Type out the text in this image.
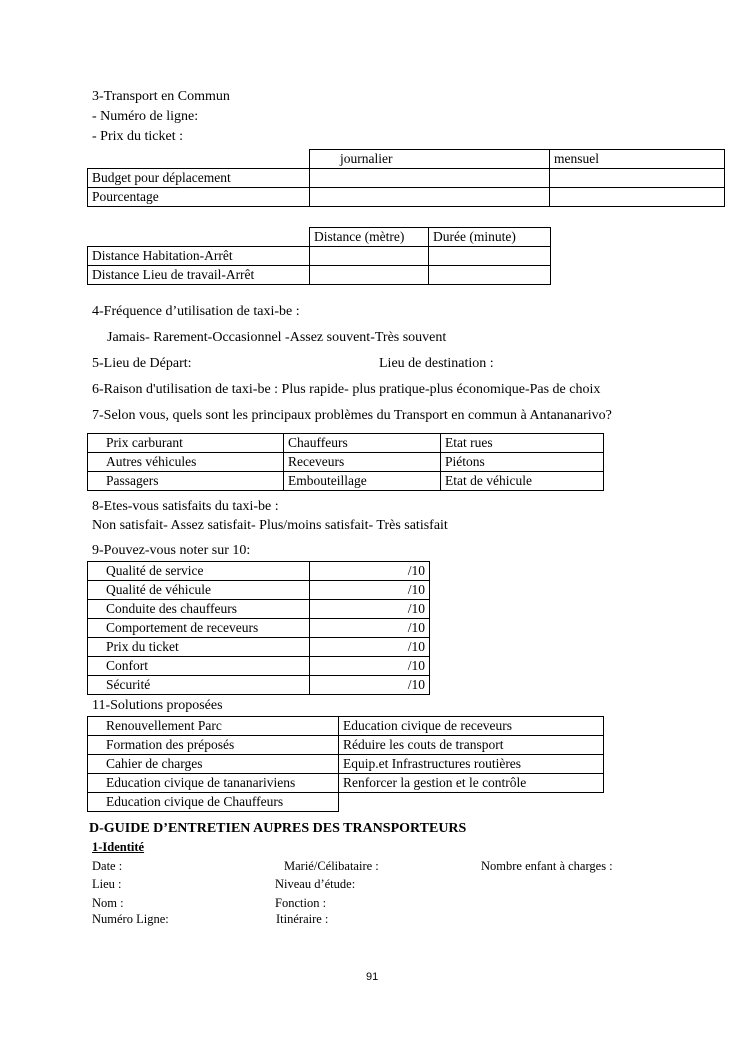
3-Transport en Commun
- Numéro de ligne:
- Prix du ticket :
	journalier	mensuel
Budget pour déplacement		
Pourcentage		
	Distance (mètre)	Durée (minute)
Distance Habitation-Arrêt		
Distance Lieu de travail-Arrêt		
4-Fréquence d’utilisation de taxi-be :
Jamais- Rarement-Occasionnel -Assez souvent-Très souvent
5-Lieu de Départ:	Lieu de destination :
6-Raison d'utilisation de taxi-be : Plus rapide- plus pratique-plus économique-Pas de choix
7-Selon vous, quels sont les principaux problèmes du Transport en commun à Antananarivo?
Prix carburant	Chauffeurs	Etat rues
Autres véhicules	Receveurs	Piétons
Passagers	Embouteillage	Etat de véhicule
8-Etes-vous satisfaits du taxi-be :
Non satisfait- Assez satisfait- Plus/moins satisfait- Très satisfait
9-Pouvez-vous noter sur 10:
Qualité de service	/10
Qualité de véhicule	/10
Conduite des chauffeurs	/10
Comportement de receveurs	/10
Prix du ticket	/10
Confort	/10
Sécurité	/10
11-Solutions proposées
Renouvellement Parc	Education civique de receveurs
Formation des préposés	Réduire les couts de transport
Cahier de charges	Equip.et Infrastructures routières
Education civique de tananariviens	Renforcer la gestion et le contrôle
Education civique de Chauffeurs	
D-GUIDE D’ENTRETIEN AUPRES DES TRANSPORTEURS
1-Identité
Date :	Marié/Célibataire :	Nombre enfant à charges :
Lieu :	Niveau d’étude:
Nom :	Fonction :
Numéro Ligne:	Itinéraire :
91
